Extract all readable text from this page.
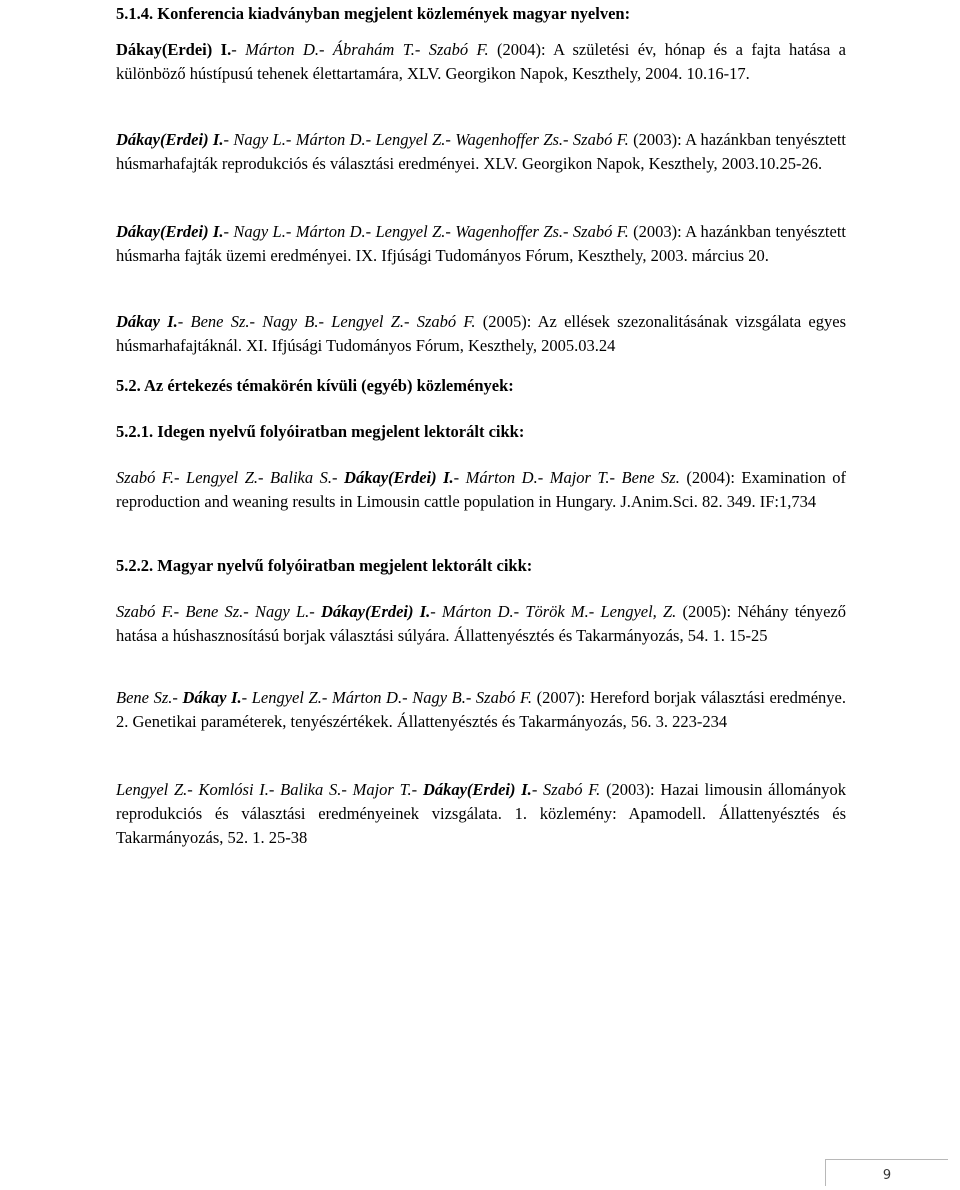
5.1.4. Konferencia kiadványban megjelent közlemények magyar nyelven:

Dákay(Erdei) I.- Márton D.- Ábrahám T.- Szabó F. (2004): A születési év, hónap és a fajta hatása a különböző hústípusú tehenek élettartamára, XLV. Georgikon Napok, Keszthely, 2004. 10.16-17.

Dákay(Erdei) I.- Nagy L.- Márton D.- Lengyel Z.- Wagenhoffer Zs.- Szabó F. (2003): A hazánkban tenyésztett húsmarhafajták reprodukciós és választási eredményei. XLV. Georgikon Napok, Keszthely, 2003.10.25-26.

Dákay(Erdei) I.- Nagy L.- Márton D.- Lengyel Z.- Wagenhoffer Zs.- Szabó F. (2003): A hazánkban tenyésztett húsmarha fajták üzemi eredményei. IX. Ifjúsági Tudományos Fórum, Keszthely, 2003. március 20.

Dákay I.- Bene Sz.- Nagy B.- Lengyel Z.- Szabó F. (2005): Az ellések szezonalitásának vizsgálata egyes húsmarhafajtáknál. XI. Ifjúsági Tudományos Fórum, Keszthely, 2005.03.24

5.2. Az értekezés témakörén kívüli (egyéb) közlemények:

5.2.1. Idegen nyelvű folyóiratban megjelent lektorált cikk:

Szabó F.- Lengyel Z.- Balika S.- Dákay(Erdei) I.- Márton D.- Major T.- Bene Sz. (2004): Examination of reproduction and weaning results in Limousin cattle population in Hungary. J.Anim.Sci. 82. 349. IF:1,734

5.2.2. Magyar nyelvű folyóiratban megjelent lektorált cikk:

Szabó F.- Bene Sz.- Nagy L.- Dákay(Erdei) I.- Márton D.- Török M.- Lengyel, Z. (2005): Néhány tényező hatása a húshasznosítású borjak választási súlyára. Állattenyésztés és Takarmányozás, 54. 1. 15-25

Bene Sz.- Dákay I.- Lengyel Z.- Márton D.- Nagy B.- Szabó F. (2007): Hereford borjak választási eredménye. 2. Genetikai paraméterek, tenyészértékek. Állattenyésztés és Takarmányozás, 56. 3. 223-234

Lengyel Z.- Komlósi I.- Balika S.- Major T.- Dákay(Erdei) I.- Szabó F. (2003): Hazai limousin állományok reprodukciós és választási eredményeinek vizsgálata. 1. közlemény: Apamodell. Állattenyésztés és Takarmányozás, 52. 1. 25-38

9
